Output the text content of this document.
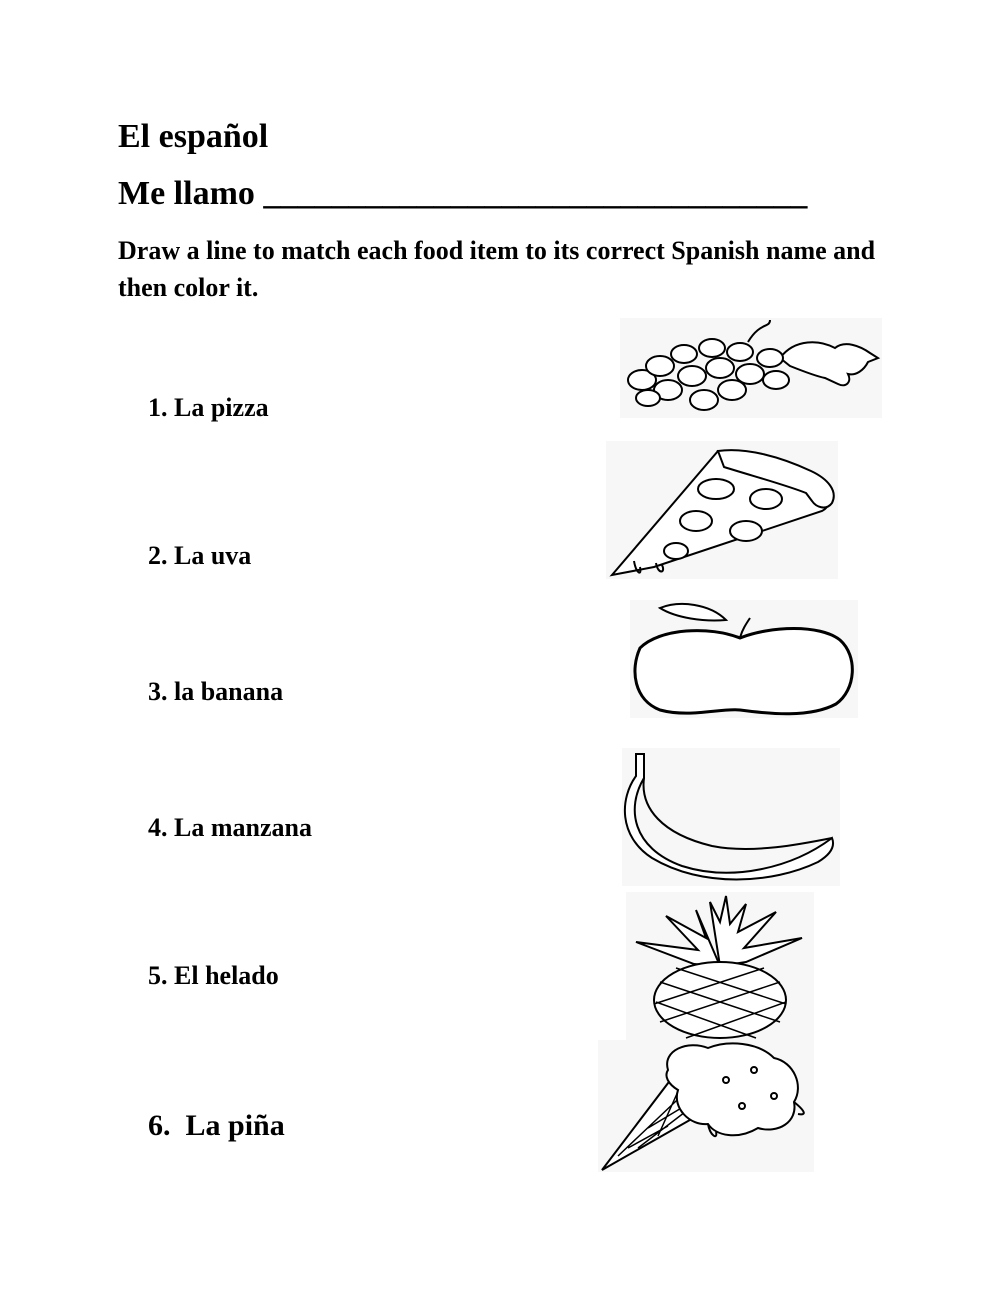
El español
Me llamo ________________________________

Draw a line to match each food item to its correct Spanish name and then color it.

1. La pizza
2. La uva
3. la banana
4. La manzana
5. El helado
6. La piña
